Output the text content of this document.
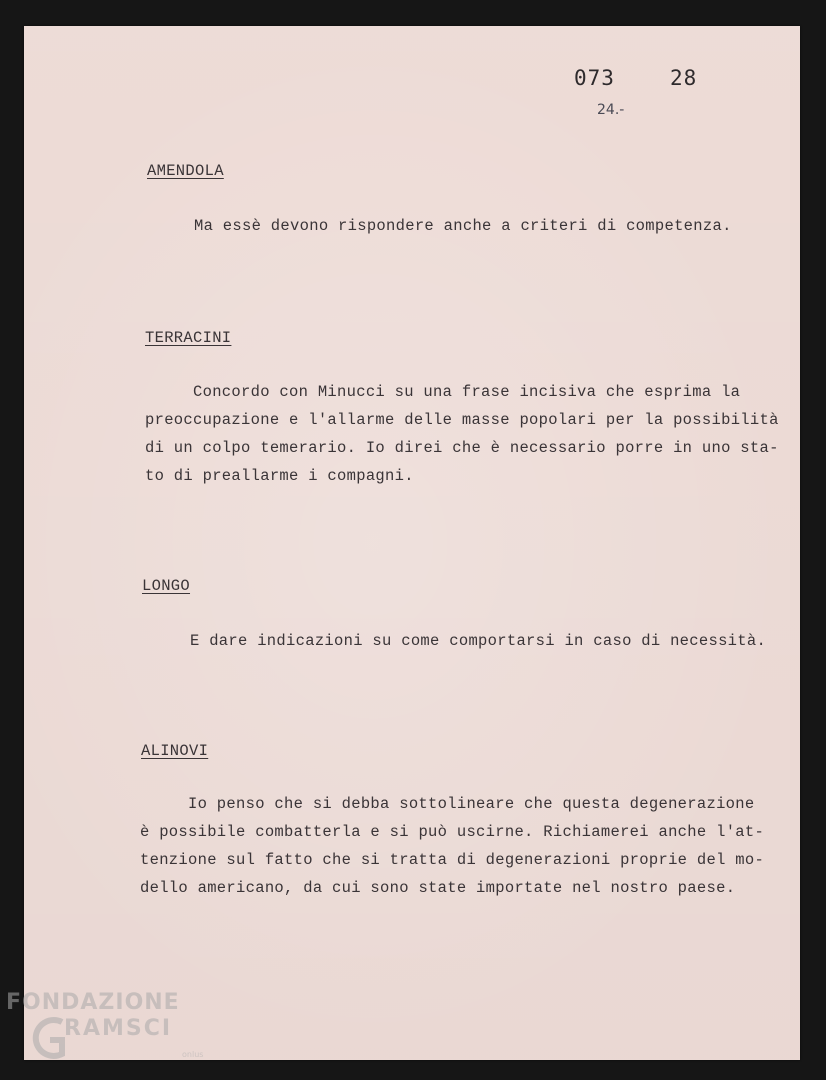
073	28
24.-
AMENDOLA
Ma essè devono rispondere anche a criteri di competenza.
TERRACINI
Concordo con Minucci su una frase incisiva che esprima la
preoccupazione e l'allarme delle masse popolari per la possibilità
di un colpo temerario. Io direi che è necessario porre in uno sta-
to di preallarme i compagni.
LONGO
E dare indicazioni su come comportarsi in caso di necessità.
ALINOVI
Io penso che si debba sottolineare che questa degenerazione
è possibile combatterla e si può uscirne. Richiamerei anche l'at-
tenzione sul fatto che si tratta di degenerazioni proprie del mo-
dello americano, da cui sono state importate nel nostro paese.
FONDAZIONE
RAMSCI
onlus
